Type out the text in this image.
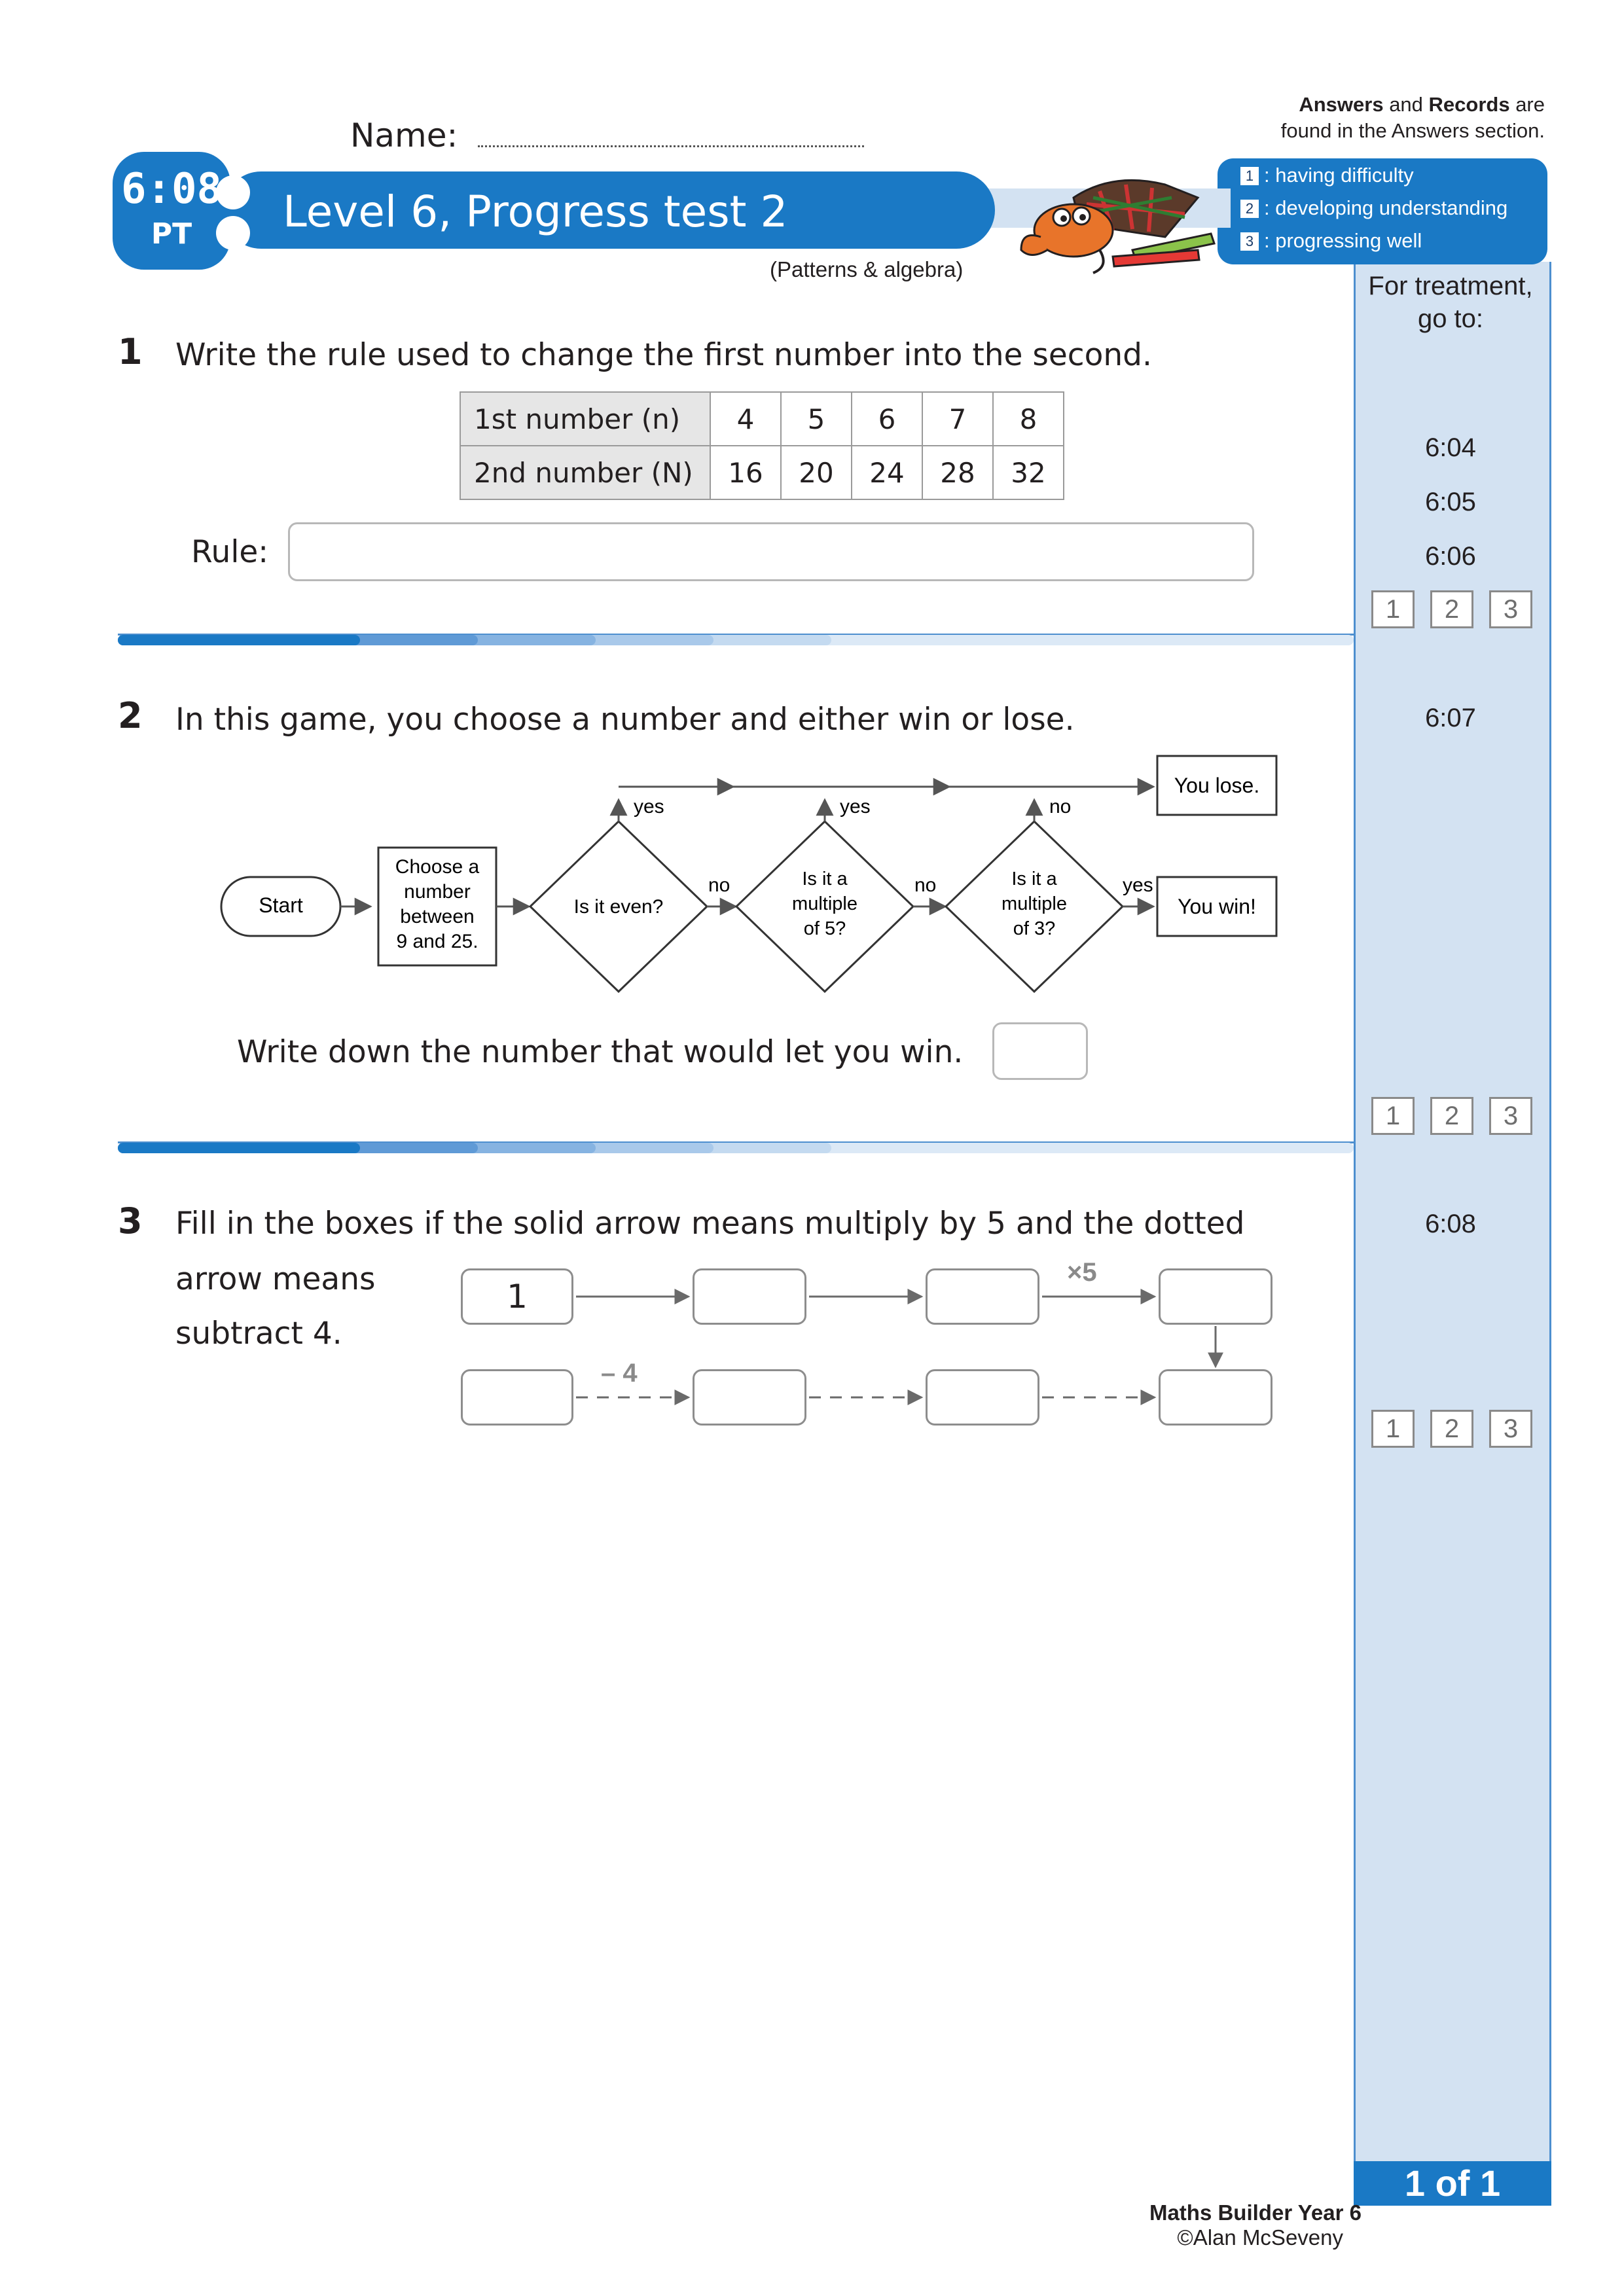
Answers and Records are
found in the Answers section.
1 : having difficulty
2 : developing understanding
3 : progressing well
For treatment,
go to:
6:04
6:05
6:06
6:07
6:08
1	2	3
1	2	3
1	2	3
1 of 1
Name:
6:08
PT	Level 6, Progress test 2
(Patterns & algebra)
1 Write the rule used to change the first number into the second.
1st number (n)	4	5	6	7	8
2nd number (N)	16	20	24	28	32
Rule:
2 In this game, you choose a number and either win or lose.
Start
Choose a
number
between
9 and 25.
Is it even?
yes
no	Is it a
multiple
of 5?
yes
no	Is it a
multiple
of 3?
no
yes
You lose.
You win!
Write down the number that would let you win.
3 Fill in the boxes if the solid arrow means multiply by 5 and the dotted
arrow means
subtract 4.
1
×5
– 4
Maths Builder Year 6
©Alan McSeveny
